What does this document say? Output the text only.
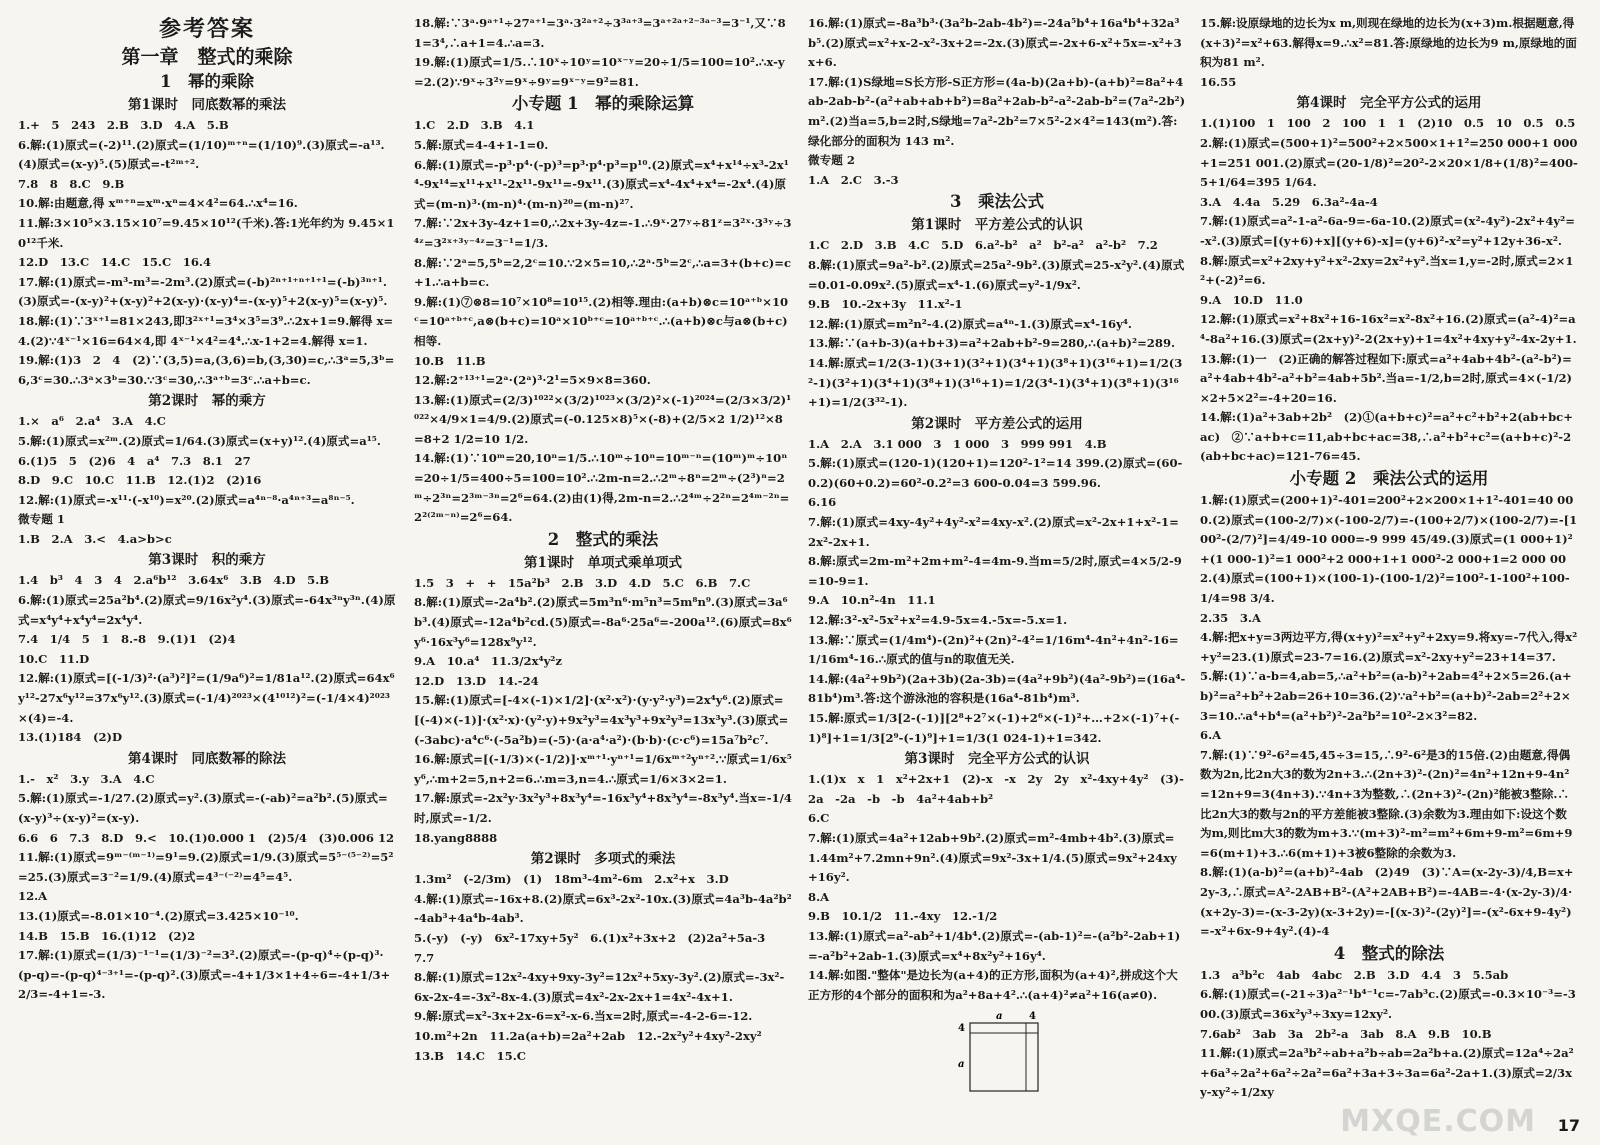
参考答案
第一章　整式的乘除
1　幂的乘除
第1课时　同底数幂的乘法
1.+　5　243　2.B　3.D　4.A　5.B
6.解:(1)原式=(-2)¹¹.(2)原式=(1/10)ᵐ⁺ⁿ=(1/10)⁹.(3)原式=-a¹³.
(4)原式=(x-y)⁵.(5)原式=-t²ᵐ⁺².
7.8　8　8.C　9.B
10.解:由题意,得 xᵐ⁺ⁿ=xᵐ·xⁿ=4×4²=64.∴x⁴=16.
11.解:3×10⁵×3.15×10⁷=9.45×10¹²(千米).答:1光年约为 9.45×10¹²千米.
12.D　13.C　14.C　15.C　16.4
17.解:(1)原式=-m³-m³=-2m³.(2)原式=(-b)²ⁿ⁺¹⁺ⁿ⁺¹⁺¹=(-b)³ⁿ⁺¹.(3)原式=-(x-y)²+(x-y)²+2(x-y)·(x-y)⁴=-(x-y)⁵+2(x-y)⁵=(x-y)⁵.
18.解:(1)∵3ˣ⁺¹=81×243,即3²ˣ⁺¹=3⁴×3⁵=3⁹.∴2x+1=9.解得 x=4.(2)∵4ˣ⁻¹×16=64×4,即 4ˣ⁻¹×4²=4⁴.∴x-1+2=4.解得 x=1.
19.解:(1)3　2　4　(2)∵(3,5)=a,(3,6)=b,(3,30)=c,∴3ᵃ=5,3ᵇ=6,3ᶜ=30.∴3ᵃ×3ᵇ=30.∵3ᶜ=30,∴3ᵃ⁺ᵇ=3ᶜ.∴a+b=c.
第2课时　幂的乘方
1.×　a⁶　2.a⁴　3.A　4.C
5.解:(1)原式=x²ᵐ.(2)原式=1/64.(3)原式=(x+y)¹².(4)原式=a¹⁵.
6.(1)5　5　(2)6　4　a⁴　7.3　8.1　27
8.D　9.C　10.C　11.B　12.(1)2　(2)16
12.解:(1)原式=-x¹¹·(-x¹⁰)=x²⁰.(2)原式=a⁴ⁿ⁻⁸·a⁴ⁿ⁺³=a⁸ⁿ⁻⁵.
微专题 1
1.B　2.A　3.<　4.a>b>c
第3课时　积的乘方
1.4　b³　4　3　4　2.a⁶b¹²　3.64x⁶　3.B　4.D　5.B
6.解:(1)原式=25a²b⁴.(2)原式=9/16x²y⁴.(3)原式=-64x³ⁿy³ⁿ.(4)原式=x⁴y⁴+x⁴y⁴=2x⁴y⁴.
7.4　1/4　5　1　8.-8　9.(1)1　(2)4
10.C　11.D
12.解:(1)原式=[(-1/3)²·(a³)²]²=(1/9a⁶)²=1/81a¹².(2)原式=64x⁶y¹²-27x⁶y¹²=37x⁶y¹².(3)原式=(-1/4)²⁰²³×(4¹⁰¹²)²=(-1/4×4)²⁰²³×(4)=-4.
13.(1)184　(2)D
第4课时　同底数幂的除法
1.-　x²　3.y　3.A　4.C
5.解:(1)原式=-1/27.(2)原式=y².(3)原式=-(-ab)²=a²b².(5)原式=(x-y)³÷(x-y)²=(x-y).
6.6　6　7.3　8.D　9.<　10.(1)0.000 1　(2)5/4　(3)0.006 12
11.解:(1)原式=9ᵐ⁻⁽ᵐ⁻¹⁾=9¹=9.(2)原式=1/9.(3)原式=5⁵⁻⁽⁵⁻²⁾=5²=25.(3)原式=3⁻²=1/9.(4)原式=4³⁻⁽⁻²⁾=4⁵=4⁵.
12.A
13.(1)原式=-8.01×10⁻⁴.(2)原式=3.425×10⁻¹⁰.
14.B　15.B　16.(1)12　(2)2
17.解:(1)原式=(1/3)⁻¹⁻¹=(1/3)⁻²=3².(2)原式=-(p-q)⁴÷(p-q)³·(p-q)=-(p-q)⁴⁻³⁺¹=-(p-q)².(3)原式=-4+1/3×1+4÷6=-4+1/3+2/3=-4+1=-3.
18.解:∵3ᵃ·9ᵃ⁺¹÷27ᵃ⁺¹=3ᵃ·3²ᵃ⁺²÷3³ᵃ⁺³=3ᵃ⁺²ᵃ⁺²⁻³ᵃ⁻³=3⁻¹,又∵81=3⁴,∴a+1=4.∴a=3.
19.解:(1)原式=1/5.∴10ˣ÷10ʸ=10ˣ⁻ʸ=20÷1/5=100=10².∴x-y=2.(2)∵9ˣ÷3²ʸ=9ˣ÷9ʸ=9ˣ⁻ʸ=9²=81.
小专题 1　幂的乘除运算
1.C　2.D　3.B　4.1
5.解:原式=4-4+1-1=0.
6.解:(1)原式=-p³·p⁴·(-p)³=p³·p⁴·p³=p¹⁰.(2)原式=x⁴+x¹⁴÷x³-2x¹⁴-9x¹⁴=x¹¹+x¹¹-2x¹¹-9x¹¹=-9x¹¹.(3)原式=x⁴-4x⁴+x⁴=-2x⁴.(4)原式=(m-n)³·(m-n)⁴·(m-n)²⁰=(m-n)²⁷.
7.解:∵2x+3y-4z+1=0,∴2x+3y-4z=-1.∴9ˣ·27ʸ÷81ᶻ=3²ˣ·3³ʸ÷3⁴ᶻ=3²ˣ⁺³ʸ⁻⁴ᶻ=3⁻¹=1/3.
8.解:∵2ᵃ=5,5ᵇ=2,2ᶜ=10.∵2×5=10,∴2ᵃ·5ᵇ=2ᶜ,∴a=3+(b+c)=c+1.∴a+b=c.
9.解:(1)⑦⊗8=10⁷×10⁸=10¹⁵.(2)相等.理由:(a+b)⊗c=10ᵃ⁺ᵇ×10ᶜ=10ᵃ⁺ᵇ⁺ᶜ,a⊗(b+c)=10ᵃ×10ᵇ⁺ᶜ=10ᵃ⁺ᵇ⁺ᶜ.∴(a+b)⊗c与a⊗(b+c)相等.
10.B　11.B
12.解:2⁺¹³⁺¹=2ᵃ·(2ᵃ)³·2¹=5×9×8=360.
13.解:(1)原式=(2/3)¹⁰²²×(3/2)¹⁰²³×(3/2)²×(-1)²⁰²⁴=(2/3×3/2)¹⁰²²×4/9×1=4/9.(2)原式=(-0.125×8)⁵×(-8)+(2/5×2 1/2)¹²×8=8+2 1/2=10 1/2.
14.解:(1)∵10ᵐ=20,10ⁿ=1/5.∴10ᵐ÷10ⁿ=10ᵐ⁻ⁿ=(10ᵐ)ᵐ÷10ⁿ=20÷1/5=400÷5=100=10².∴2m-n=2.∴2ᵐ÷8ⁿ=2ᵐ÷(2³)ⁿ=2ᵐ÷2³ⁿ=2³ᵐ⁻³ⁿ=2⁶=64.(2)由(1)得,2m-n=2.∴2⁴ᵐ÷2²ⁿ=2⁴ᵐ⁻²ⁿ=2²⁽²ᵐ⁻ⁿ⁾=2⁶=64.
2　整式的乘法
第1课时　单项式乘单项式
1.5　3　+　+　15a²b³　2.B　3.D　4.D　5.C　6.B　7.C
8.解:(1)原式=-2a⁴b².(2)原式=5m³n⁶·m⁵n³=5m⁸n⁹.(3)原式=3a⁶b³.(4)原式=-12a⁴b²cd.(5)原式=-8a⁶·25a⁶=-200a¹².(6)原式=8x⁶y⁶·16x³y⁶=128x⁹y¹².
9.A　10.a⁴　11.3/2x⁴y²z
12.D　13.D　14.-24
15.解:(1)原式=[-4×(-1)×1/2]·(x²·x²)·(y·y²·y³)=2x⁴y⁶.(2)原式=[(-4)×(-1)]·(x²·x)·(y²·y)+9x²y³=4x³y³+9x²y³=13x³y³.(3)原式=(-3abc)·a⁴c⁶·(-5a²b)=(-5)·(a·a⁴·a²)·(b·b)·(c·c⁶)=15a⁷b²c⁷.
16.解:原式=[(-1/3)×(-1/2)]·xᵐ⁺¹·yⁿ⁺¹=1/6xᵐ⁺²yⁿ⁺².∵原式=1/6x⁵y⁶,∴m+2=5,n+2=6.∴m=3,n=4.∴原式=1/6×3×2=1.
17.解:原式=-2x²y·3x²y³+8x³y⁴=-16x³y⁴+8x³y⁴=-8x³y⁴.当x=-1/4时,原式=-1/2.
18.yang8888
第2课时　多项式的乘法
1.3m²　(-2/3m)　(1)　18m³-4m²-6m　2.x²+x　3.D
4.解:(1)原式=-16x+8.(2)原式=6x³-2x²-10x.(3)原式=4a³b-4a²b²-4ab³+4a⁴b-4ab³.
5.(-y)　(-y)　6x²-17xy+5y²　6.(1)x²+3x+2　(2)2a²+5a-3
7.7
8.解:(1)原式=12x²-4xy+9xy-3y²=12x²+5xy-3y².(2)原式=-3x²-6x-2x-4=-3x²-8x-4.(3)原式=4x²-2x-2x+1=4x²-4x+1.
9.解:原式=x²-3x+2x-6=x²-x-6.当x=2时,原式=-4-2-6=-12.
10.m²+2n　11.2a(a+b)=2a²+2ab　12.-2x²y²+4xy²-2xy²
13.B　14.C　15.C
16.解:(1)原式=-8a³b³·(3a²b-2ab-4b²)=-24a⁵b⁴+16a⁴b⁴+32a³b⁵.(2)原式=x²+x-2-x²-3x+2=-2x.(3)原式=-2x+6-x²+5x=-x²+3x+6.
17.解:(1)S绿地=S长方形-S正方形=(4a-b)(2a+b)-(a+b)²=8a²+4ab-2ab-b²-(a²+ab+ab+b²)=8a²+2ab-b²-a²-2ab-b²=(7a²-2b²)m².(2)当a=5,b=2时,S绿地=7a²-2b²=7×5²-2×4²=143(m²).答:绿化部分的面积为 143 m².
微专题 2
1.A　2.C　3.-3
3　乘法公式
第1课时　平方差公式的认识
1.C　2.D　3.B　4.C　5.D　6.a²-b²　a²　b²-a²　a²-b²　7.2
8.解:(1)原式=9a²-b².(2)原式=25a²-9b².(3)原式=25-x²y².(4)原式=0.01-0.09x².(5)原式=x⁴-1.(6)原式=y²-1/9x².
9.B　10.-2x+3y　11.x²-1
12.解:(1)原式=m²n²-4.(2)原式=a⁴ⁿ-1.(3)原式=x⁴-16y⁴.
13.解:∵(a+b-3)(a+b+3)=a²+2ab+b²-9=280,∴(a+b)²=289.
14.解:原式=1/2(3-1)(3+1)(3²+1)(3⁴+1)(3⁸+1)(3¹⁶+1)=1/2(3²-1)(3²+1)(3⁴+1)(3⁸+1)(3¹⁶+1)=1/2(3⁴-1)(3⁴+1)(3⁸+1)(3¹⁶+1)=1/2(3³²-1).
第2课时　平方差公式的运用
1.A　2.A　3.1 000　3　1 000　3　999 991　4.B
5.解:(1)原式=(120-1)(120+1)=120²-1²=14 399.(2)原式=(60-0.2)(60+0.2)=60²-0.2²=3 600-0.04=3 599.96.
6.16
7.解:(1)原式=4xy-4y²+4y²-x²=4xy-x².(2)原式=x²-2x+1+x²-1=2x²-2x+1.
8.解:原式=2m-m²+2m+m²-4=4m-9.当m=5/2时,原式=4×5/2-9=10-9=1.
9.A　10.n²-4n　11.1
12.解:3²-x²-5x²+x²=4.9-5x=4.-5x=-5.x=1.
13.解:∵原式=(1/4m⁴)-(2n)²+(2n)²-4²=1/16m⁴-4n²+4n²-16=1/16m⁴-16.∴原式的值与n的取值无关.
14.解:(4a²+9b²)(2a+3b)(2a-3b)=(4a²+9b²)(4a²-9b²)=(16a⁴-81b⁴)m³.答:这个游泳池的容积是(16a⁴-81b⁴)m³.
15.解:原式=1/3[2-(-1)][2⁸+2⁷×(-1)+2⁶×(-1)²+…+2×(-1)⁷+(-1)⁸]+1=1/3[2⁹-(-1)⁹]+1=1/3(1 024-1)+1=342.
第3课时　完全平方公式的认识
1.(1)x　x　1　x²+2x+1　(2)-x　-x　2y　2y　x²-4xy+4y²　(3)-2a　-2a　-b　-b　4a²+4ab+b²
6.C
7.解:(1)原式=4a²+12ab+9b².(2)原式=m²-4mb+4b².(3)原式=1.44m²+7.2mn+9n².(4)原式=9x²-3x+1/4.(5)原式=9x²+24xy+16y².
8.A
9.B　10.1/2　11.-4xy　12.-1/2
13.解:(1)原式=a²-ab²+1/4b⁴.(2)原式=-(ab-1)²=-(a²b²-2ab+1)=-a²b²+2ab-1.(3)原式=x⁴+8x²y²+16y⁴.
14.解:如图."整体"是边长为(a+4)的正方形,面积为(a+4)²,拼成这个大正方形的4个部分的面积和为a²+8a+4².∴(a+4)²≠a²+16(a≠0).
a	4
4
a
15.解:设原绿地的边长为x m,则现在绿地的边长为(x+3)m.根据题意,得(x+3)²=x²+63.解得x=9.∴x²=81.答:原绿地的边长为9 m,原绿地的面积为81 m².
16.55
第4课时　完全平方公式的运用
1.(1)100　1　100　2　100　1　1　(2)10　0.5　10　0.5　0.5
2.解:(1)原式=(500+1)²=500²+2×500×1+1²=250 000+1 000+1=251 001.(2)原式=(20-1/8)²=20²-2×20×1/8+(1/8)²=400-5+1/64=395 1/64.
3.A　4.4a　5.29　6.3a²-4a-4
7.解:(1)原式=a²-1-a²-6a-9=-6a-10.(2)原式=(x²-4y²)-2x²+4y²=-x².(3)原式=[(y+6)+x][(y+6)-x]=(y+6)²-x²=y²+12y+36-x².
8.解:原式=x²+2xy+y²+x²-2xy=2x²+y².当x=1,y=-2时,原式=2×1²+(-2)²=6.
9.A　10.D　11.0
12.解:(1)原式=x²+8x²+16-16x²=x²-8x²+16.(2)原式=(a²-4)²=a⁴-8a²+16.(3)原式=(2x+y)²-2(2x+y)+1=4x²+4xy+y²-4x-2y+1.
13.解:(1)一　(2)正确的解答过程如下:原式=a²+4ab+4b²-(a²-b²)=a²+4ab+4b²-a²+b²=4ab+5b².当a=-1/2,b=2时,原式=4×(-1/2)×2+5×2²=-4+20=16.
14.解:(1)a²+3ab+2b²　(2)①(a+b+c)²=a²+c²+b²+2(ab+bc+ac)　②∵a+b+c=11,ab+bc+ac=38,∴a²+b²+c²=(a+b+c)²-2(ab+bc+ac)=121-76=45.
小专题 2　乘法公式的运用
1.解:(1)原式=(200+1)²-401=200²+2×200×1+1²-401=40 000.(2)原式=(100-2/7)×(-100-2/7)=-(100+2/7)×(100-2/7)=-[100²-(2/7)²]=4/49-10 000=-9 999 45/49.(3)原式=(1 000+1)²+(1 000-1)²=1 000²+2 000+1+1 000²-2 000+1=2 000 002.(4)原式=(100+1)×(100-1)-(100-1/2)²=100²-1-100²+100-1/4=98 3/4.
2.35　3.A
4.解:把x+y=3两边平方,得(x+y)²=x²+y²+2xy=9.将xy=-7代入,得x²+y²=23.(1)原式=23-7=16.(2)原式=x²-2xy+y²=23+14=37.
5.解:(1)∵a-b=4,ab=5,∴a²+b²=(a-b)²+2ab=4²+2×5=26.(a+b)²=a²+b²+2ab=26+10=36.(2)∵a²+b²=(a+b)²-2ab=2²+2×3=10.∴a⁴+b⁴=(a²+b²)²-2a²b²=10²-2×3²=82.
6.A
7.解:(1)∵9²-6²=45,45÷3=15,∴9²-6²是3的15倍.(2)由题意,得偶数为2n,比2n大3的数为2n+3.∴(2n+3)²-(2n)²=4n²+12n+9-4n²=12n+9=3(4n+3).∵4n+3为整数,∴(2n+3)²-(2n)²能被3整除.∴比2n大3的数与2n的平方差能被3整除.(3)余数为3.理由如下:设这个数为m,则比m大3的数为m+3.∵(m+3)²-m²=m²+6m+9-m²=6m+9=6(m+1)+3.∴6(m+1)+3被6整除的余数为3.
8.解:(1)(a-b)²=(a+b)²-4ab　(2)49　(3)∵A=(x-2y-3)/4,B=x+2y-3,∴原式=A²-2AB+B²-(A²+2AB+B²)=-4AB=-4·(x-2y-3)/4·(x+2y-3)=-(x-3-2y)(x-3+2y)=-[(x-3)²-(2y)²]=-(x²-6x+9-4y²)=-x²+6x-9+4y².(4)-4
4　整式的除法
1.3　a³b²c　4ab　4abc　2.B　3.D　4.4　3　5.5ab
6.解:(1)原式=(-21÷3)a²⁻¹b⁴⁻¹c=-7ab³c.(2)原式=-0.3×10⁻³=-300.(3)原式=36x²y³÷3xy=12xy².
7.6ab²　3ab　3a　2b²-a　3ab　8.A　9.B　10.B
11.解:(1)原式=2a³b²÷ab+a²b÷ab=2a²b+a.(2)原式=12a⁴÷2a²+6a³÷2a²+6a²÷2a²=6a²+3a+3÷3a=6a²-2a+1.(3)原式=2/3xy-xy²÷1/2xy
MXQE.COM 17
